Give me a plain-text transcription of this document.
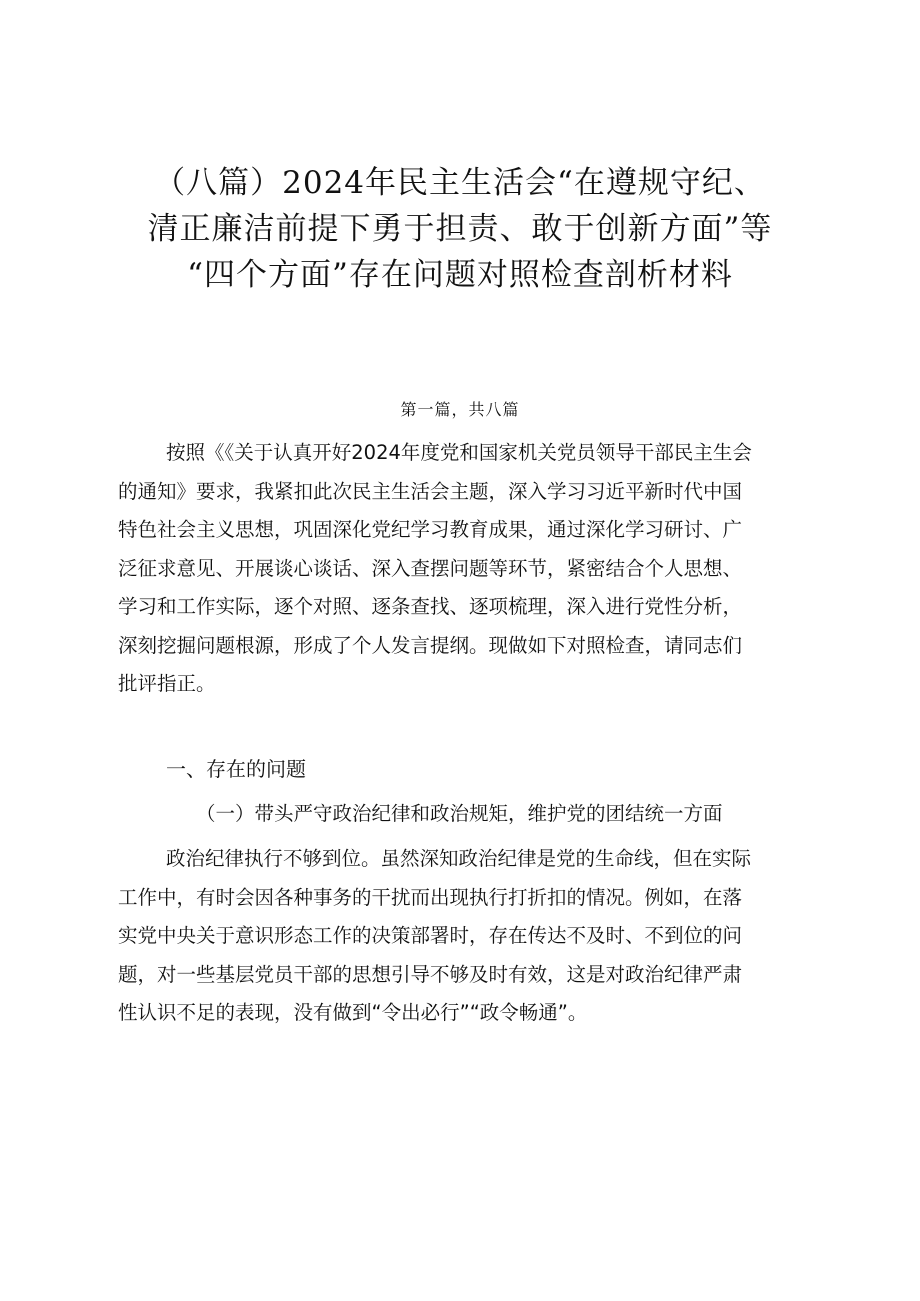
（八篇）2024年民主生活会“在遵规守纪、
清正廉洁前提下勇于担责、敢于创新方面”等
“四个方面”存在问题对照检查剖析材料
第一篇，共八篇
按照《《关于认真开好2024年度党和国家机关党员领导干部民主生会
的通知》要求，我紧扣此次民主生活会主题，深入学习习近平新时代中国
特色社会主义思想，巩固深化党纪学习教育成果，通过深化学习研讨、广
泛征求意见、开展谈心谈话、深入查摆问题等环节，紧密结合个人思想、
学习和工作实际，逐个对照、逐条查找、逐项梳理，深入进行党性分析，
深刻挖掘问题根源，形成了个人发言提纲。现做如下对照检查，请同志们
批评指正。
一、存在的问题
（一）带头严守政治纪律和政治规矩，维护党的团结统一方面
政治纪律执行不够到位。虽然深知政治纪律是党的生命线，但在实际
工作中，有时会因各种事务的干扰而出现执行打折扣的情况。例如，在落
实党中央关于意识形态工作的决策部署时，存在传达不及时、不到位的问
题，对一些基层党员干部的思想引导不够及时有效，这是对政治纪律严肃
性认识不足的表现，没有做到“令出必行”“政令畅通”。
